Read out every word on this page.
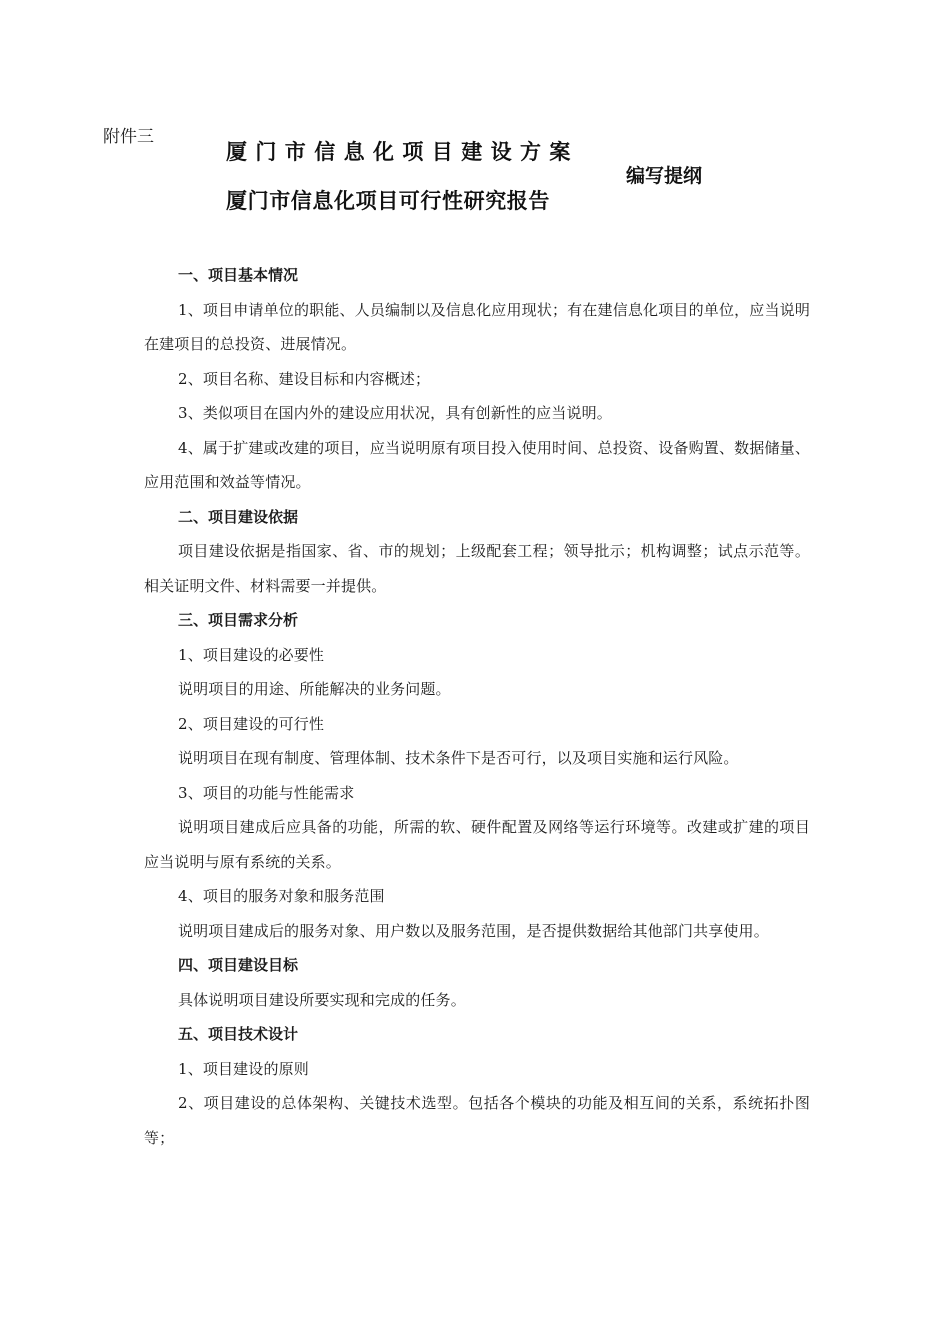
附件三
厦门市信息化项目建设方案
厦门市信息化项目可行性研究报告
编写提纲

一、项目基本情况

1、项目申请单位的职能、人员编制以及信息化应用现状；有在建信息化项目的单位，应当说明在建项目的总投资、进展情况。

2、项目名称、建设目标和内容概述；

3、类似项目在国内外的建设应用状况，具有创新性的应当说明。

4、属于扩建或改建的项目，应当说明原有项目投入使用时间、总投资、设备购置、数据储量、应用范围和效益等情况。

二、项目建设依据

项目建设依据是指国家、省、市的规划；上级配套工程；领导批示；机构调整；试点示范等。相关证明文件、材料需要一并提供。

三、项目需求分析

1、项目建设的必要性

说明项目的用途、所能解决的业务问题。

2、项目建设的可行性

说明项目在现有制度、管理体制、技术条件下是否可行，以及项目实施和运行风险。

3、项目的功能与性能需求

说明项目建成后应具备的功能，所需的软、硬件配置及网络等运行环境等。改建或扩建的项目应当说明与原有系统的关系。

4、项目的服务对象和服务范围

说明项目建成后的服务对象、用户数以及服务范围，是否提供数据给其他部门共享使用。

四、项目建设目标

具体说明项目建设所要实现和完成的任务。

五、项目技术设计

1、项目建设的原则

2、项目建设的总体架构、关键技术选型。包括各个模块的功能及相互间的关系，系统拓扑图等；
